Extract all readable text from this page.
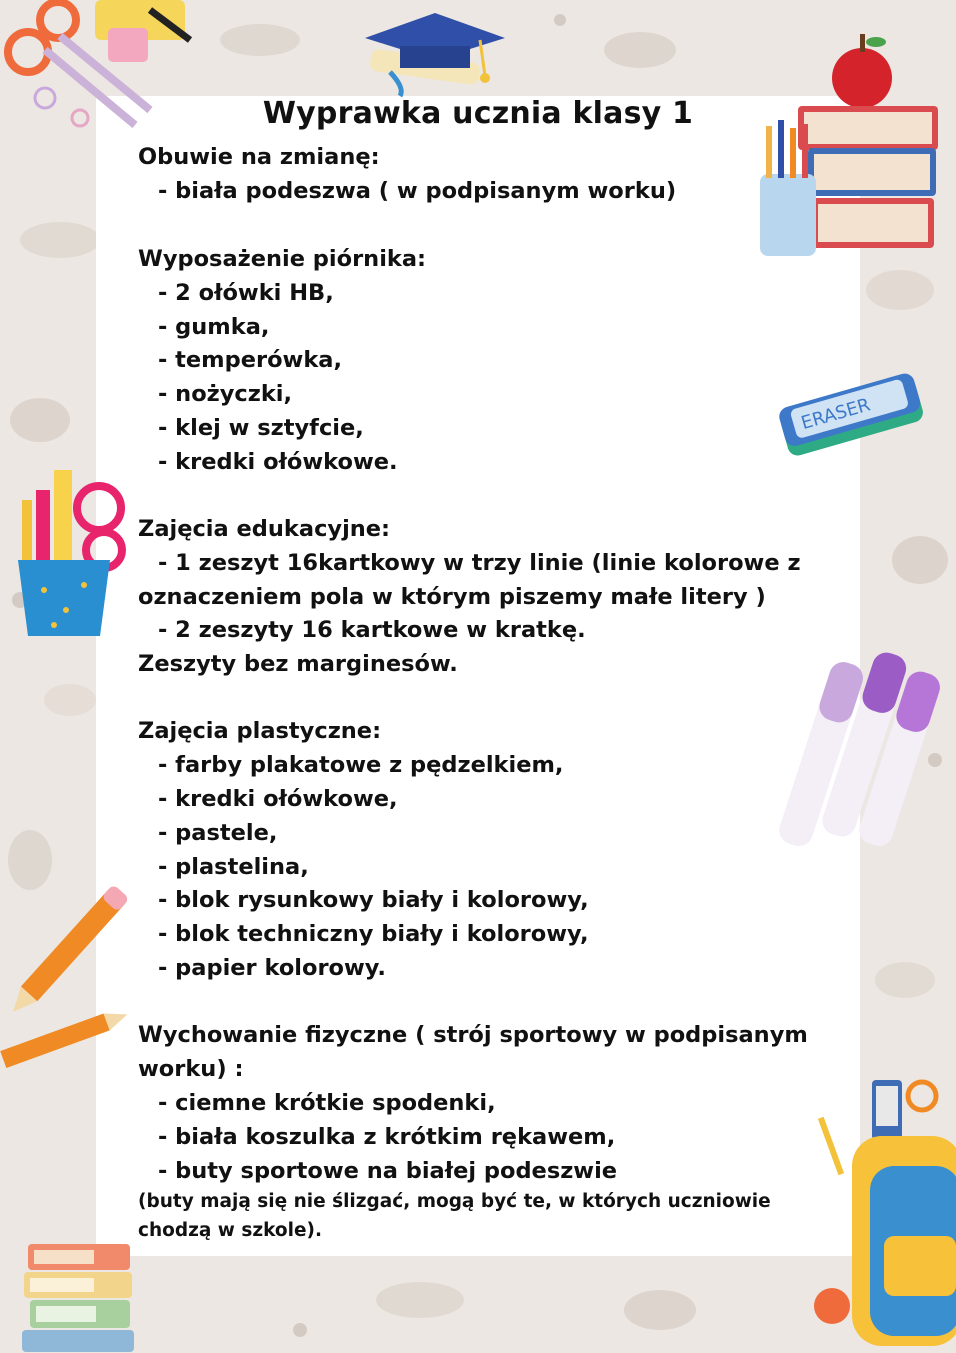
ERASER
Wyprawka ucznia klasy 1
Obuwie na zmianę:
- biała podeszwa ( w podpisanym worku)
Wyposażenie piórnika:
- 2 ołówki HB,
- gumka,
- temperówka,
- nożyczki,
- klej w sztyfcie,
- kredki ołówkowe.
Zajęcia edukacyjne:
- 1 zeszyt 16kartkowy w trzy linie (linie kolorowe z
oznaczeniem pola w którym piszemy małe litery )
- 2 zeszyty 16 kartkowe w kratkę.
Zeszyty bez marginesów.
Zajęcia plastyczne:
- farby plakatowe z pędzelkiem,
- kredki ołówkowe,
- pastele,
- plastelina,
- blok rysunkowy biały i kolorowy,
- blok techniczny biały i kolorowy,
- papier kolorowy.
Wychowanie fizyczne ( strój sportowy w podpisanym
worku) :
- ciemne krótkie spodenki,
- biała koszulka z krótkim rękawem,
- buty sportowe na białej podeszwie
(buty mają się nie ślizgać, mogą być te, w których uczniowie
chodzą w szkole).
